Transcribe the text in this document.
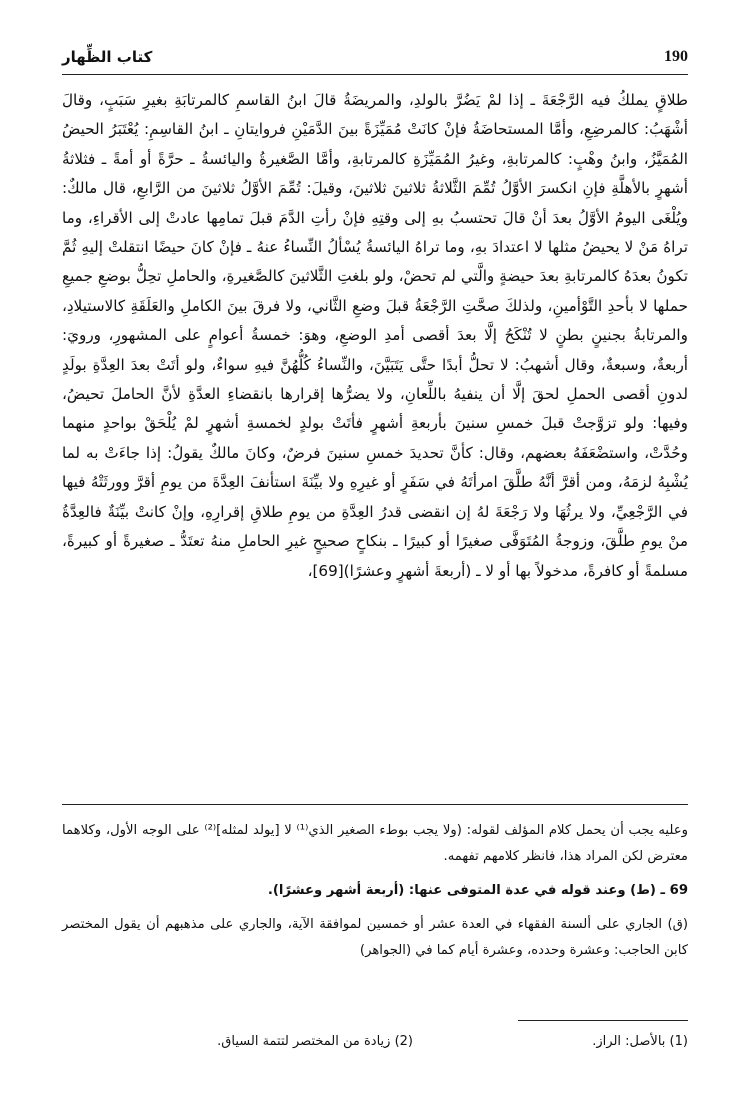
كتاب الظِّهار	190

طلاقٍ يملكُ فيه الرَّجْعَةَ ـ إذا لمْ يَضُرَّ بالولدِ، والمريضَةُ قالَ ابنُ القاسمِ كالمرتابَةِ بغيرِ سَبَبٍ، وقالَ أشْهَبُ: كالمرضِعِ، وأمَّا المستحاضَةُ فإنْ كانَتْ مُمَيِّزَةً بينَ الدَّمَيْنِ فروايتانِ ـ ابنُ القاسِمِ: يُعْتَبَرُ الحيضُ المُمَيَّزُ، وابنُ وهْبٍ: كالمرتابةِ، وغيرُ المُمَيِّزَةِ كالمرتابةِ، وأمَّا الصَّغيرةُ واليائسةُ ـ حرَّةً أو أمةً ـ فثلاثةُ أشهرٍ بالأهلَّةِ فإنِ انكسرَ الأوَّلُ تُمِّمَ الثَّلاثةُ ثلاثينَ ثلاثينَ، وقيلَ: تُمِّمَ الأوَّلُ ثلاثينَ من الرَّابعِ، قال مالكٌ: ويُلْغَى اليومُ الأوَّلُ بعدَ أنْ قالَ تحتسبُ بهِ إلى وقتِهِ فإنْ رأتِ الدَّمَ قبلَ تمامِها عادتْ إلى الأقراءِ، وما تراهُ مَنْ لا يحيضُ مثلها لا اعتدادَ بهِ، وما تراهُ اليائسةُ يُسْألُ النِّساءُ عنهُ ـ فإنْ كانَ حيضًا انتقلتْ إليهِ ثُمَّ تكونُ بعدَهُ كالمرتابةِ بعدَ حيضةٍ والَّتي لم تحضْ، ولو بلغتِ الثَّلاثينَ كالصَّغيرةِ، والحاملِ تحِلُّ بوضعِ جميعِ حملها لا بأحدِ التَّوْأمينِ، ولذلكَ صحَّتِ الرَّجْعَةُ قبلَ وضعِ الثَّاني، ولا فرقَ بينَ الكاملِ والعَلَقَةِ كالاستيلادِ، والمرتابةُ بجنينٍ بطنٍ لا تُنْكَحُ إلَّا بعدَ أقصى أمدِ الوضعِ، وهوَ: خمسةُ أعوامٍ على المشهورِ، ورويَ: أربعةٌ، وسبعةٌ، وقال أشهبُ: لا تحلُّ أبدًا حتَّى يَتَبَيَّنَ، والنِّساءُ كُلُّهُنَّ فيهِ سواءٌ، ولو أتَتْ بعدَ العِدَّةِ بولَدٍ لدونِ أقصى الحملِ لحقَ إلَّا أن ينفيهُ باللِّعانِ، ولا يضرُّها إقرارها بانقضاءِ العدَّةِ لأنَّ الحاملَ تحيضُ، وفيها: ولو تزوَّجتْ قبلَ خمسِ سنينَ بأربعةِ أشهرٍ فأتَتْ بولدٍ لخمسةِ أشهرٍ لمْ يُلْحَقْ بواحدٍ منهما وحُدَّتْ، واستضْعَفَهُ بعضهم، وقال: كأنَّ تحديدَ خمسِ سنينَ فرضٌ، وكانَ مالكٌ يقولُ: إذا جاءَتْ به لما يُشْبِهُ لزمَهُ، ومن أقرَّ أنَّهُ طلَّقَ امرأتَهُ في سَفَرٍ أو غيرِهِ ولا بيِّنَةَ استأنفَ العِدَّةَ من يومِ أقرَّ وورثَتْهُ فيها في الرَّجْعِيِّ، ولا يرثُهَا ولا رَجْعَةَ لهُ إن انقضى قدرُ العِدَّةِ من يومِ طلاقِ إقرارِهِ، وإنْ كانتْ بيِّنَةٌ فالعِدَّةُ منْ يومِ طلَّقَ، وزوجةُ المُتَوَفَّى صغيرًا أو كبيرًا ـ بنكاحٍ صحيحٍ غيرِ الحاملِ منهُ تعتَدُّ ـ صغيرةً أو كبيرةً، مسلمةً أو كافرةً، مدخولاً بها أو لا ـ (أربعةَ أشهرٍ وعشرًا)[69]،

وعليه يجب أن يحمل كلام المؤلف لقوله: (ولا يجب بوطء الصغير الذي⁽¹⁾ لا [يولد لمثله]⁽²⁾ على الوجه الأول، وكلاهما معترض لكن المراد هذا، فانظر كلامهم تفهمه.

69 ـ (ط) وعند قوله في عدة المتوفى عنها: (أربعة أشهر وعشرًا).

(ق) الجاري على ألسنة الفقهاء في العدة عشر أو خمسين لموافقة الآية، والجاري على مذهبهم أن يقول المختصر كابن الحاجب: وعشرة وحدده، وعشرة أيام كما في (الجواهر)

(1) بالأصل: الراز.
(2) زيادة من المختصر لتتمة السياق.
